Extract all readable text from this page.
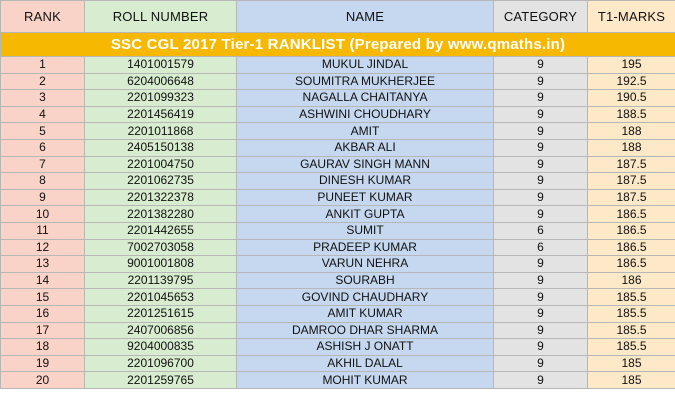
RANK	ROLL NUMBER	NAME	CATEGORY	T1-MARKS
SSC CGL 2017 Tier-1 RANKLIST (Prepared by www.qmaths.in)				
1	1401001579	MUKUL JINDAL	9	195
2	6204006648	SOUMITRA MUKHERJEE	9	192.5
3	2201099323	NAGALLA CHAITANYA	9	190.5
4	2201456419	ASHWINI CHOUDHARY	9	188.5
5	2201011868	AMIT	9	188
6	2405150138	AKBAR ALI	9	188
7	2201004750	GAURAV SINGH MANN	9	187.5
8	2201062735	DINESH KUMAR	9	187.5
9	2201322378	PUNEET KUMAR	9	187.5
10	2201382280	ANKIT GUPTA	9	186.5
11	2201442655	SUMIT	6	186.5
12	7002703058	PRADEEP KUMAR	6	186.5
13	9001001808	VARUN NEHRA	9	186.5
14	2201139795	SOURABH	9	186
15	2201045653	GOVIND CHAUDHARY	9	185.5
16	2201251615	AMIT KUMAR	9	185.5
17	2407006856	DAMROO DHAR SHARMA	9	185.5
18	9204000835	ASHISH J ONATT	9	185.5
19	2201096700	AKHIL DALAL	9	185
20	2201259765	MOHIT KUMAR	9	185
